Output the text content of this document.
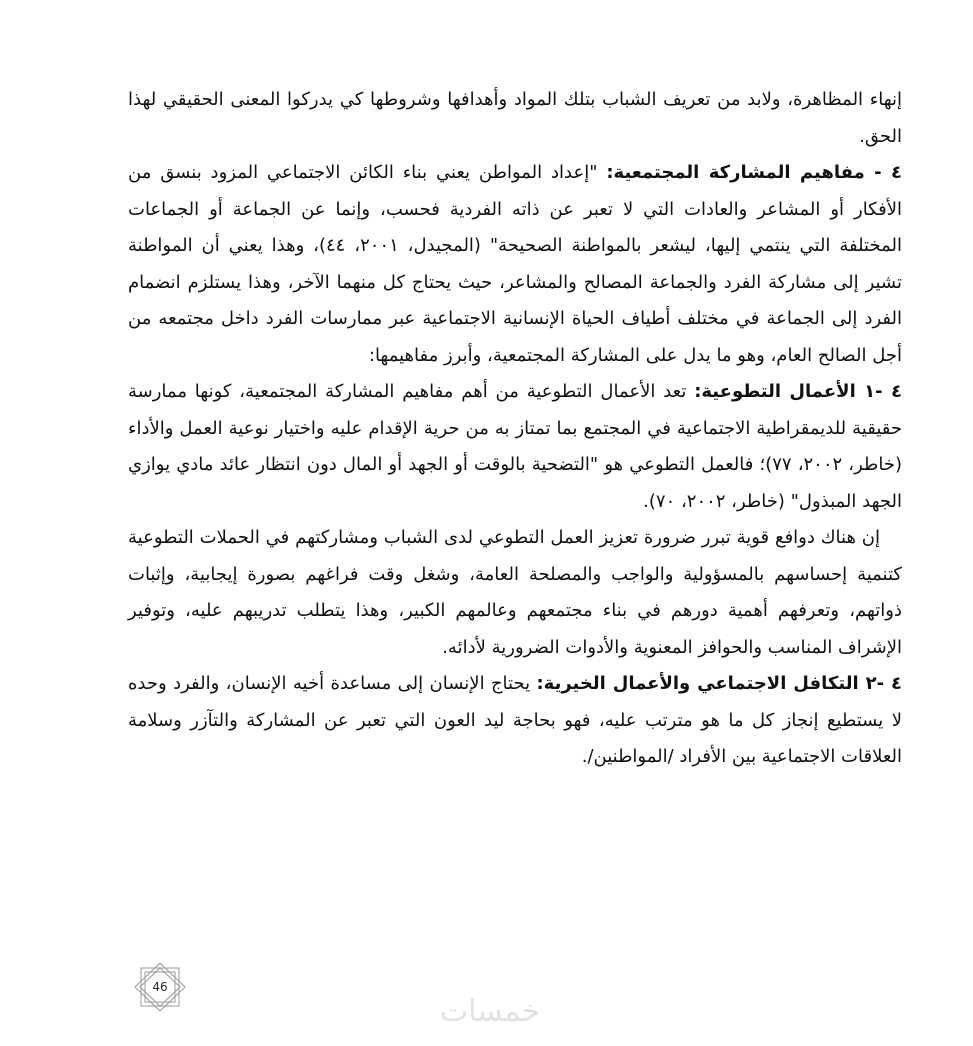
إنهاء المظاهرة، ولابد من تعريف الشباب بتلك المواد وأهدافها وشروطها كي يدركوا المعنى الحقيقي لهذا الحق.

٤ - مفاهيم المشاركة المجتمعية: "إعداد المواطن يعني بناء الكائن الاجتماعي المزود بنسق من الأفكار أو المشاعر والعادات التي لا تعبر عن ذاته الفردية فحسب، وإنما عن الجماعة أو الجماعات المختلفة التي ينتمي إليها، ليشعر بالمواطنة الصحيحة" (المجيدل، ٢٠٠١، ٤٤)، وهذا يعني أن المواطنة تشير إلى مشاركة الفرد والجماعة المصالح والمشاعر، حيث يحتاج كل منهما الآخر، وهذا يستلزم انضمام الفرد إلى الجماعة في مختلف أطياف الحياة الإنسانية الاجتماعية عبر ممارسات الفرد داخل مجتمعه من أجل الصالح العام، وهو ما يدل على المشاركة المجتمعية، وأبرز مفاهيمها:

٤ -١ الأعمال التطوعية: تعد الأعمال التطوعية من أهم مفاهيم المشاركة المجتمعية، كونها ممارسة حقيقية للديمقراطية الاجتماعية في المجتمع بما تمتاز به من حرية الإقدام عليه واختيار نوعية العمل والأداء (خاطر، ٢٠٠٢، ٧٧)؛ فالعمل التطوعي هو "التضحية بالوقت أو الجهد أو المال دون انتظار عائد مادي يوازي الجهد المبذول" (خاطر، ٢٠٠٢، ٧٠).

إن هناك دوافع قوية تبرر ضرورة تعزيز العمل التطوعي لدى الشباب ومشاركتهم في الحملات التطوعية كتنمية إحساسهم بالمسؤولية والواجب والمصلحة العامة، وشغل وقت فراغهم بصورة إيجابية، وإثبات ذواتهم، وتعرفهم أهمية دورهم في بناء مجتمعهم وعالمهم الكبير، وهذا يتطلب تدريبهم عليه، وتوفير الإشراف المناسب والحوافز المعنوية والأدوات الضرورية لأدائه.

٤ -٢ التكافل الاجتماعي والأعمال الخيرية: يحتاج الإنسان إلى مساعدة أخيه الإنسان، والفرد وحده لا يستطيع إنجاز كل ما هو مترتب عليه، فهو بحاجة ليد العون التي تعبر عن المشاركة والتآزر وسلامة العلاقات الاجتماعية بين الأفراد /المواطنين/.

46
خمسات
